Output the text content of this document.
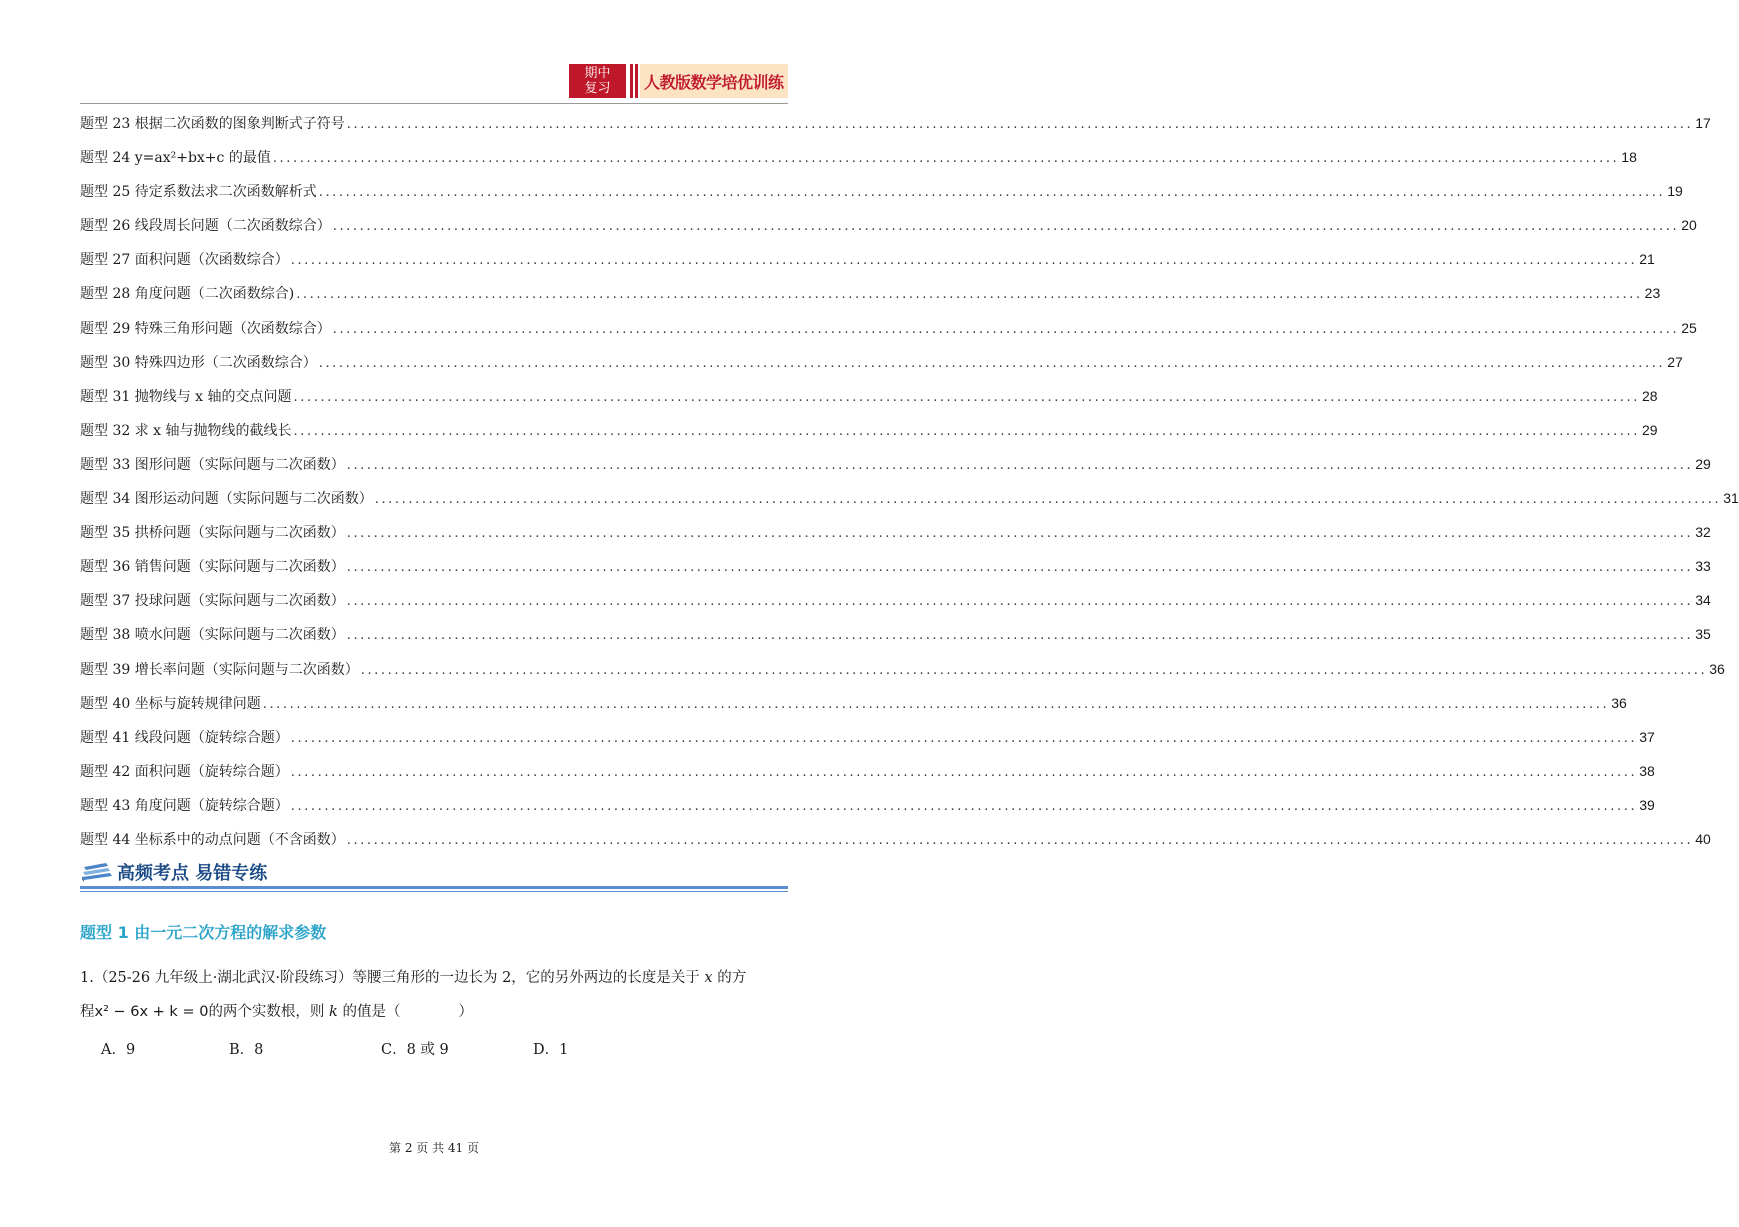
期中
复习 人教版数学培优训练
题型 23 根据二次函数的图象判断式子符号 ........................................................................................................................................................................................................ 17
题型 24 y=ax²+bx+c 的最值 ........................................................................................................................................................................................................ 18
题型 25 待定系数法求二次函数解析式 ........................................................................................................................................................................................................ 19
题型 26 线段周长问题（二次函数综合） ........................................................................................................................................................................................................ 20
题型 27 面积问题（次函数综合） ........................................................................................................................................................................................................ 21
题型 28 角度问题（二次函数综合) ........................................................................................................................................................................................................ 23
题型 29 特殊三角形问题（次函数综合） ........................................................................................................................................................................................................ 25
题型 30 特殊四边形（二次函数综合） ........................................................................................................................................................................................................ 27
题型 31 抛物线与 x 轴的交点问题 ........................................................................................................................................................................................................ 28
题型 32 求 x 轴与抛物线的截线长 ........................................................................................................................................................................................................ 29
题型 33 图形问题（实际问题与二次函数） ........................................................................................................................................................................................................ 29
题型 34 图形运动问题（实际问题与二次函数） ........................................................................................................................................................................................................ 31
题型 35 拱桥问题（实际问题与二次函数） ........................................................................................................................................................................................................ 32
题型 36 销售问题（实际问题与二次函数） ........................................................................................................................................................................................................ 33
题型 37 投球问题（实际问题与二次函数） ........................................................................................................................................................................................................ 34
题型 38 喷水问题（实际问题与二次函数） ........................................................................................................................................................................................................ 35
题型 39 增长率问题（实际问题与二次函数） ........................................................................................................................................................................................................ 36
题型 40 坐标与旋转规律问题 ........................................................................................................................................................................................................ 36
题型 41 线段问题（旋转综合题） ........................................................................................................................................................................................................ 37
题型 42 面积问题（旋转综合题） ........................................................................................................................................................................................................ 38
题型 43 角度问题（旋转综合题） ........................................................................................................................................................................................................ 39
题型 44 坐标系中的动点问题（不含函数） ........................................................................................................................................................................................................ 40
高频考点 易错专练
题型 1 由一元二次方程的解求参数
1.（25-26 九年级上·湖北武汉·阶段练习）等腰三角形的一边长为 2，它的另外两边的长度是关于 x 的方
程x² − 6x + k = 0的两个实数根，则 k 的值是（　　　　）
A．9	B．8	C．8 或 9	D．1
第 2 页 共 41 页
